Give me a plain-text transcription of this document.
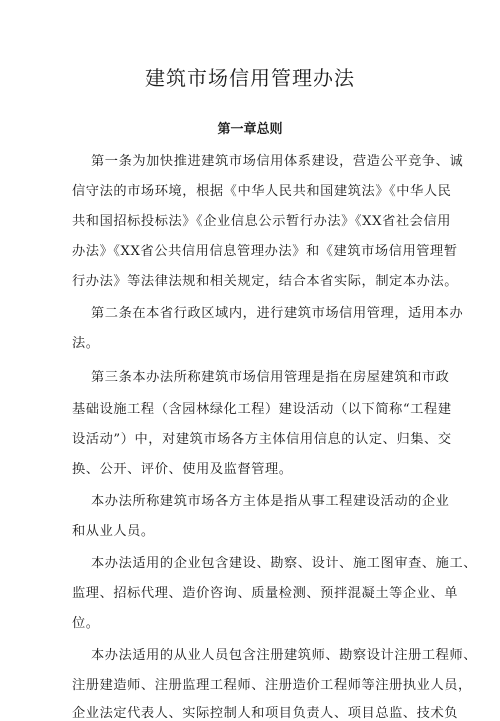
建筑市场信用管理办法
第一章总则

第一条为加快推进建筑市场信用体系建设，营造公平竞争、诚

信守法的市场环境，根据《中华人民共和国建筑法》《中华人民

共和国招标投标法》《企业信息公示暂行办法》《XX省社会信用

办法》《XX省公共信用信息管理办法》和《建筑市场信用管理暂

行办法》等法律法规和相关规定，结合本省实际，制定本办法。

第二条在本省行政区域内，进行建筑市场信用管理，适用本办

法。

第三条本办法所称建筑市场信用管理是指在房屋建筑和市政

基础设施工程（含园林绿化工程）建设活动（以下简称“工程建

设活动”）中，对建筑市场各方主体信用信息的认定、归集、交

换、公开、评价、使用及监督管理。

本办法所称建筑市场各方主体是指从事工程建设活动的企业

和从业人员。

本办法适用的企业包含建设、勘察、设计、施工图审查、施工、

监理、招标代理、造价咨询、质量检测、预拌混凝土等企业、单

位。

本办法适用的从业人员包含注册建筑师、勘察设计注册工程师、

注册建造师、注册监理工程师、注册造价工程师等注册执业人员，

企业法定代表人、实际控制人和项目负责人、项目总监、技术负
